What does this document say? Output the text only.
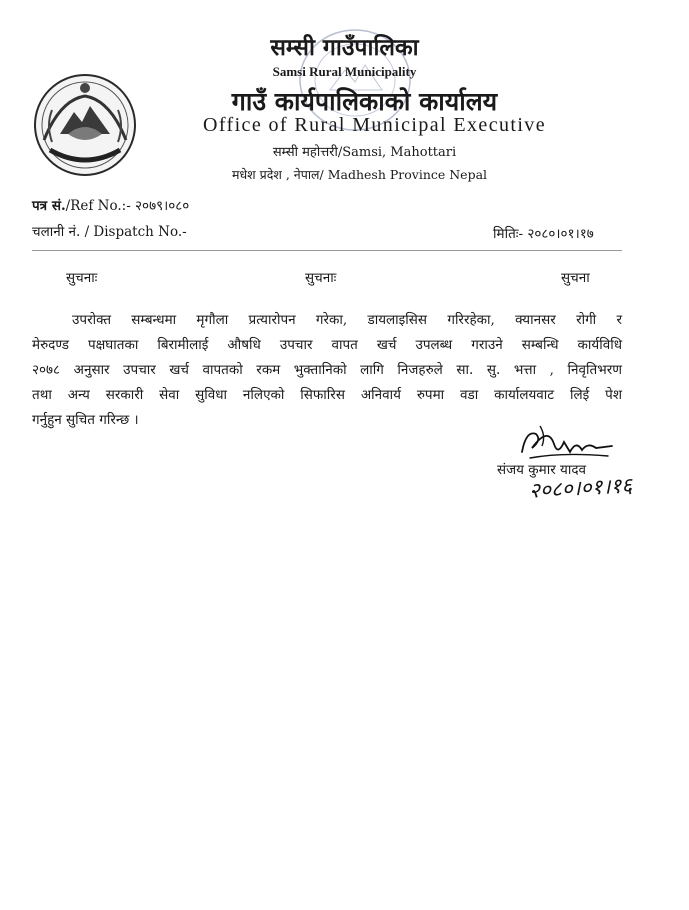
सम्सी गाउँपालिका
Samsi Rural Municipality
गाउँ कार्यपालिकाको कार्यालय
Office of Rural Municipal Executive
सम्सी महोत्तरी/Samsi, Mahottari
मधेश प्रदेश , नेपाल/ Madhesh Province Nepal
पत्र सं./Ref No.:- २०७९।०८०
चलानी नं. / Dispatch No.-	मितिः- २०८०।०१।१७
सुचनाः	सुचनाः	सुचना
उपरोक्त सम्बन्धमा मृगौला प्रत्यारोपन गरेका, डायलाइसिस गरिरहेका, क्यानसर रोगी र
मेरुदण्ड पक्षघातका बिरामीलाई औषधि उपचार वापत खर्च उपलब्ध गराउने सम्बन्धि कार्यविधि
२०७८ अनुसार उपचार खर्च वापतको रकम भुक्तानिको लागि निजहरुले सा. सु. भत्ता , निवृतिभरण
तथा अन्य सरकारी सेवा सुविधा नलिएको सिफारिस अनिवार्य रुपमा वडा कार्यालयवाट लिई पेश
गर्नुहुन सुचित गरिन्छ ।
संजय कुमार यादव
२०८०।०१।१६
